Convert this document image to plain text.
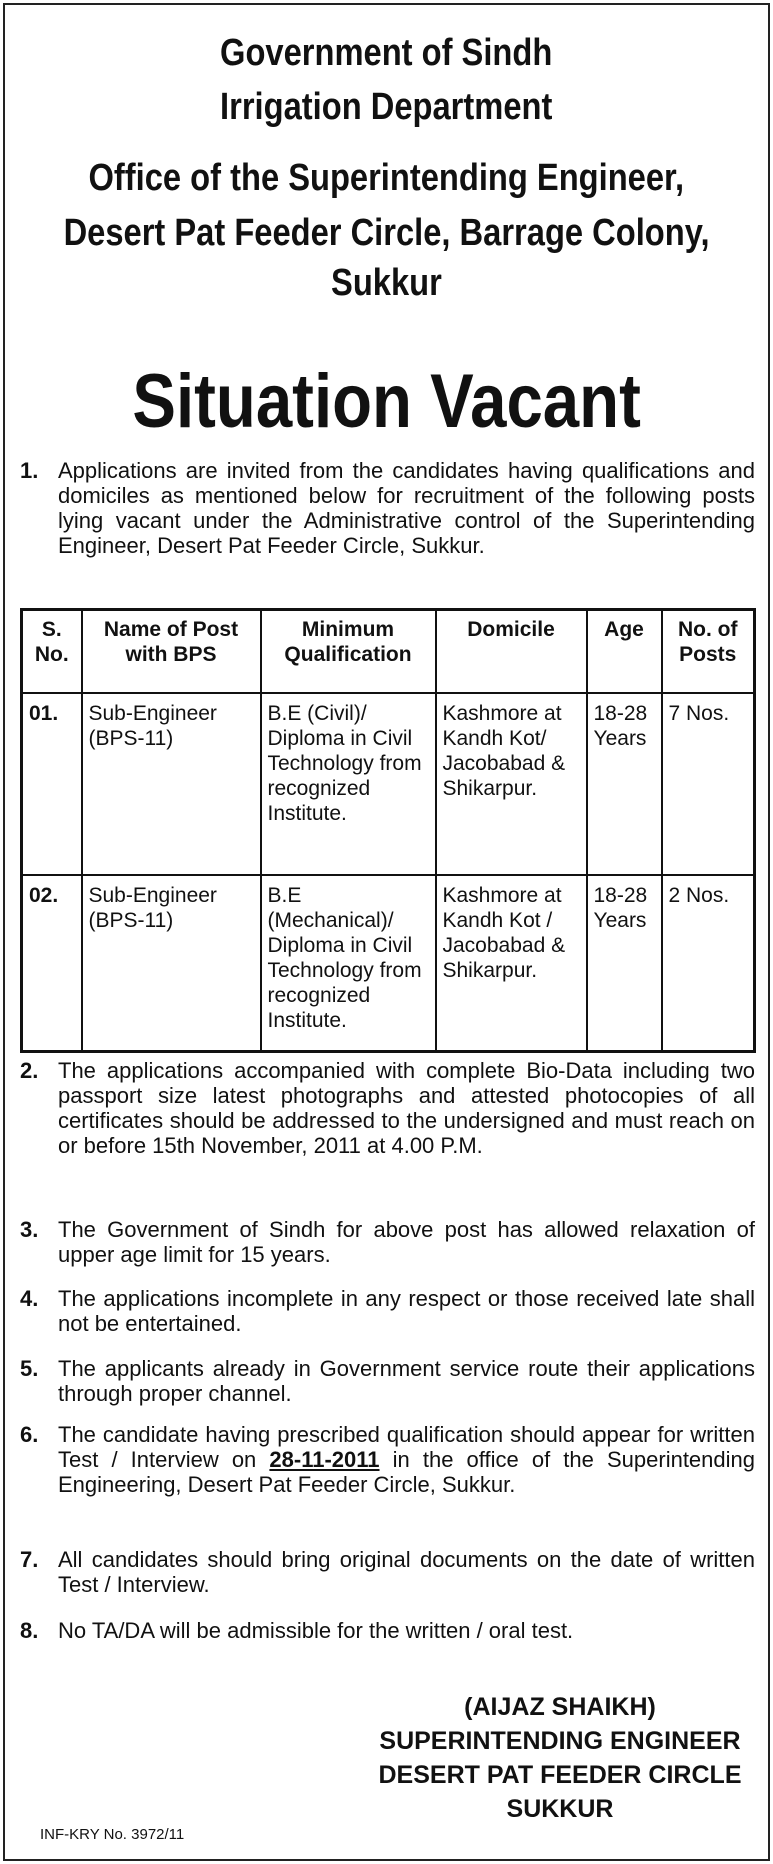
Government of Sindh
Irrigation Department
Office of the Superintending Engineer,
Desert Pat Feeder Circle, Barrage Colony,
Sukkur
Situation Vacant
1. Applications are invited from the candidates having qualifications and domiciles as mentioned below for recruitment of the following posts lying vacant under the Administrative control of the Superintending Engineer, Desert Pat Feeder Circle, Sukkur.
S. No.	Name of Post with BPS	Minimum Qualification	Domicile	Age	No. of Posts
01.	Sub-Engineer (BPS-11)	B.E (Civil)/ Diploma in Civil Technology from recognized Institute.	Kashmore at Kandh Kot/ Jacobabad & Shikarpur.	18-28 Years	7 Nos.
02.	Sub-Engineer (BPS-11)	B.E (Mechanical)/ Diploma in Civil Technology from recognized Institute.	Kashmore at Kandh Kot / Jacobabad & Shikarpur.	18-28 Years	2 Nos.
2. The applications accompanied with complete Bio-Data including two passport size latest photographs and attested photocopies of all certificates should be addressed to the undersigned and must reach on or before 15th November, 2011 at 4.00 P.M.
3. The Government of Sindh for above post has allowed relaxation of upper age limit for 15 years.
4. The applications incomplete in any respect or those received late shall not be entertained.
5. The applicants already in Government service route their applications through proper channel.
6. The candidate having prescribed qualification should appear for written Test / Interview on 28-11-2011 in the office of the Superintending Engineering, Desert Pat Feeder Circle, Sukkur.
7. All candidates should bring original documents on the date of written Test / Interview.
8. No TA/DA will be admissible for the written / oral test.
(AIJAZ SHAIKH)
SUPERINTENDING ENGINEER
DESERT PAT FEEDER CIRCLE
SUKKUR
INF-KRY No. 3972/11
